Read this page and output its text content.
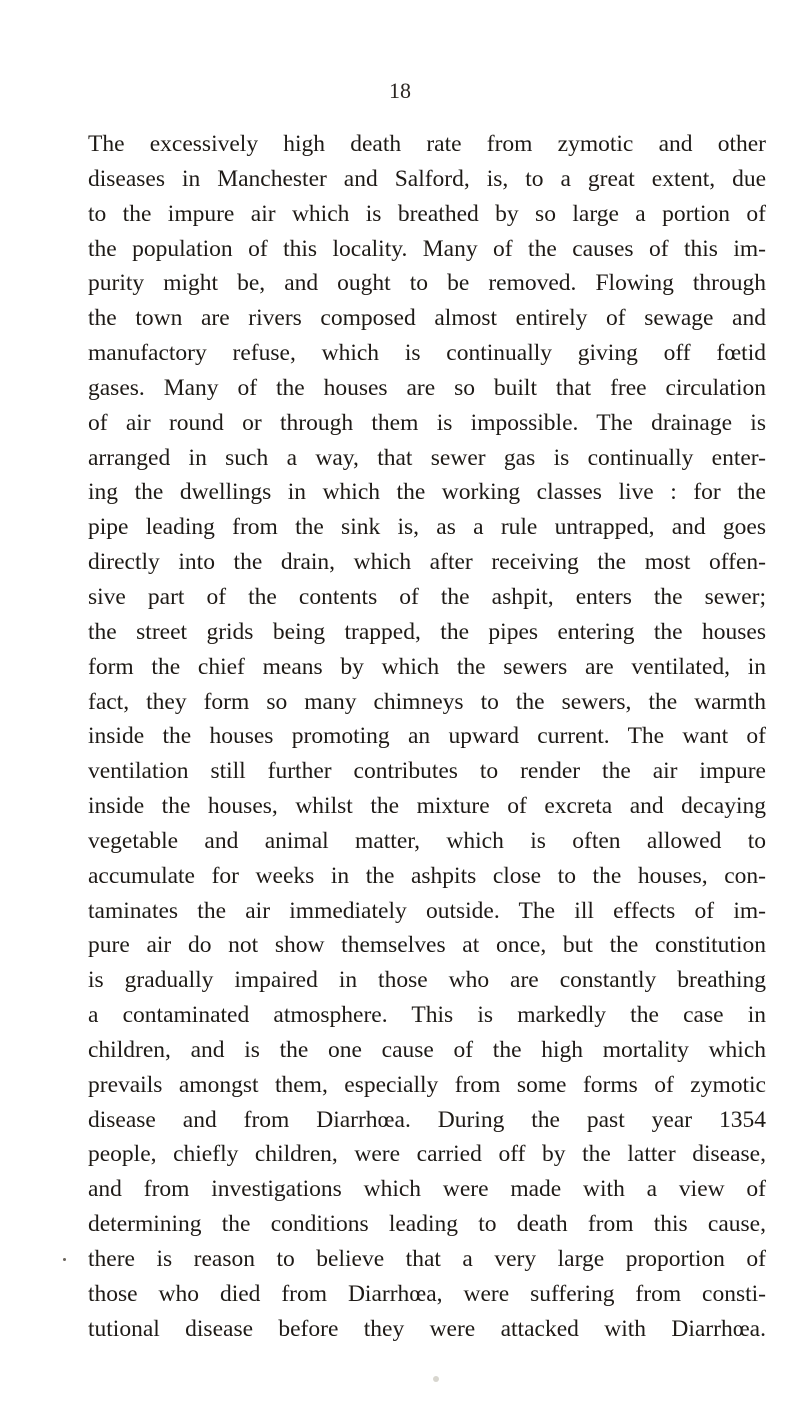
18
The excessively high death rate from zymotic and other
diseases in Manchester and Salford, is, to a great extent, due
to the impure air which is breathed by so large a portion of
the population of this locality. Many of the causes of this im-
purity might be, and ought to be removed. Flowing through
the town are rivers composed almost entirely of sewage and
manufactory refuse, which is continually giving off fœtid
gases. Many of the houses are so built that free circulation
of air round or through them is impossible. The drainage is
arranged in such a way, that sewer gas is continually enter-
ing the dwellings in which the working classes live : for the
pipe leading from the sink is, as a rule untrapped, and goes
directly into the drain, which after receiving the most offen-
sive part of the contents of the ashpit, enters the sewer;
the street grids being trapped, the pipes entering the houses
form the chief means by which the sewers are ventilated, in
fact, they form so many chimneys to the sewers, the warmth
inside the houses promoting an upward current. The want of
ventilation still further contributes to render the air impure
inside the houses, whilst the mixture of excreta and decaying
vegetable and animal matter, which is often allowed to
accumulate for weeks in the ashpits close to the houses, con-
taminates the air immediately outside. The ill effects of im-
pure air do not show themselves at once, but the constitution
is gradually impaired in those who are constantly breathing
a contaminated atmosphere. This is markedly the case in
children, and is the one cause of the high mortality which
prevails amongst them, especially from some forms of zymotic
disease and from Diarrhœa. During the past year 1354
people, chiefly children, were carried off by the latter disease,
and from investigations which were made with a view of
determining the conditions leading to death from this cause,
there is reason to believe that a very large proportion of
those who died from Diarrhœa, were suffering from consti-
tutional disease before they were attacked with Diarrhœa.
